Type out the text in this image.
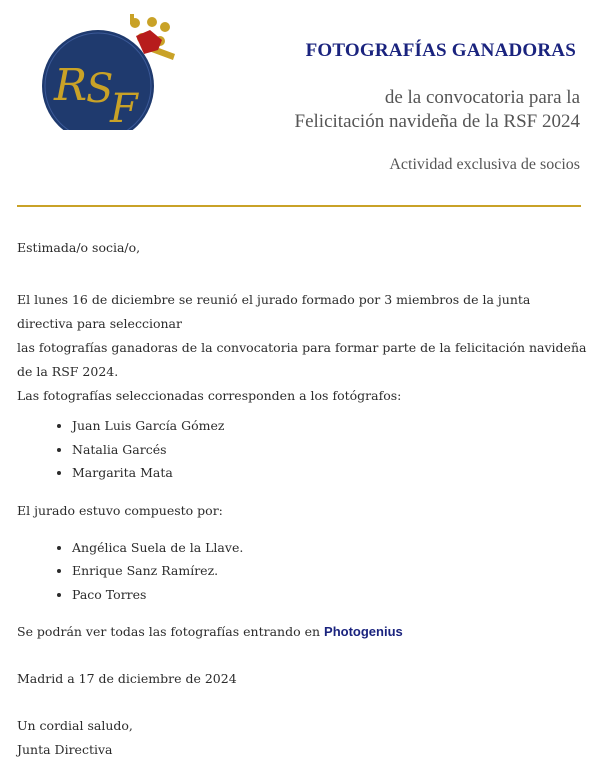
R
S
F
FOTOGRAFÍAS GANADORAS
de la convocatoria para la
Felicitación navideña de la RSF 2024
Actividad exclusiva de socios

Estimada/o socia/o,

El lunes 16 de diciembre se reunió el jurado formado por 3 miembros de la junta directiva para seleccionar

las fotografías ganadoras de la convocatoria para formar parte de la felicitación navideña de la RSF 2024.

Las fotografías seleccionadas corresponden a los fotógrafos:

• Juan Luis García Gómez
• Natalia Garcés
• Margarita Mata

El jurado estuvo compuesto por:

• Angélica Suela de la Llave.
• Enrique Sanz Ramírez.
• Paco Torres

Se podrán ver todas las fotografías entrando en Photogenius

Madrid a 17 de diciembre de 2024

Un cordial saludo,

Junta Directiva
